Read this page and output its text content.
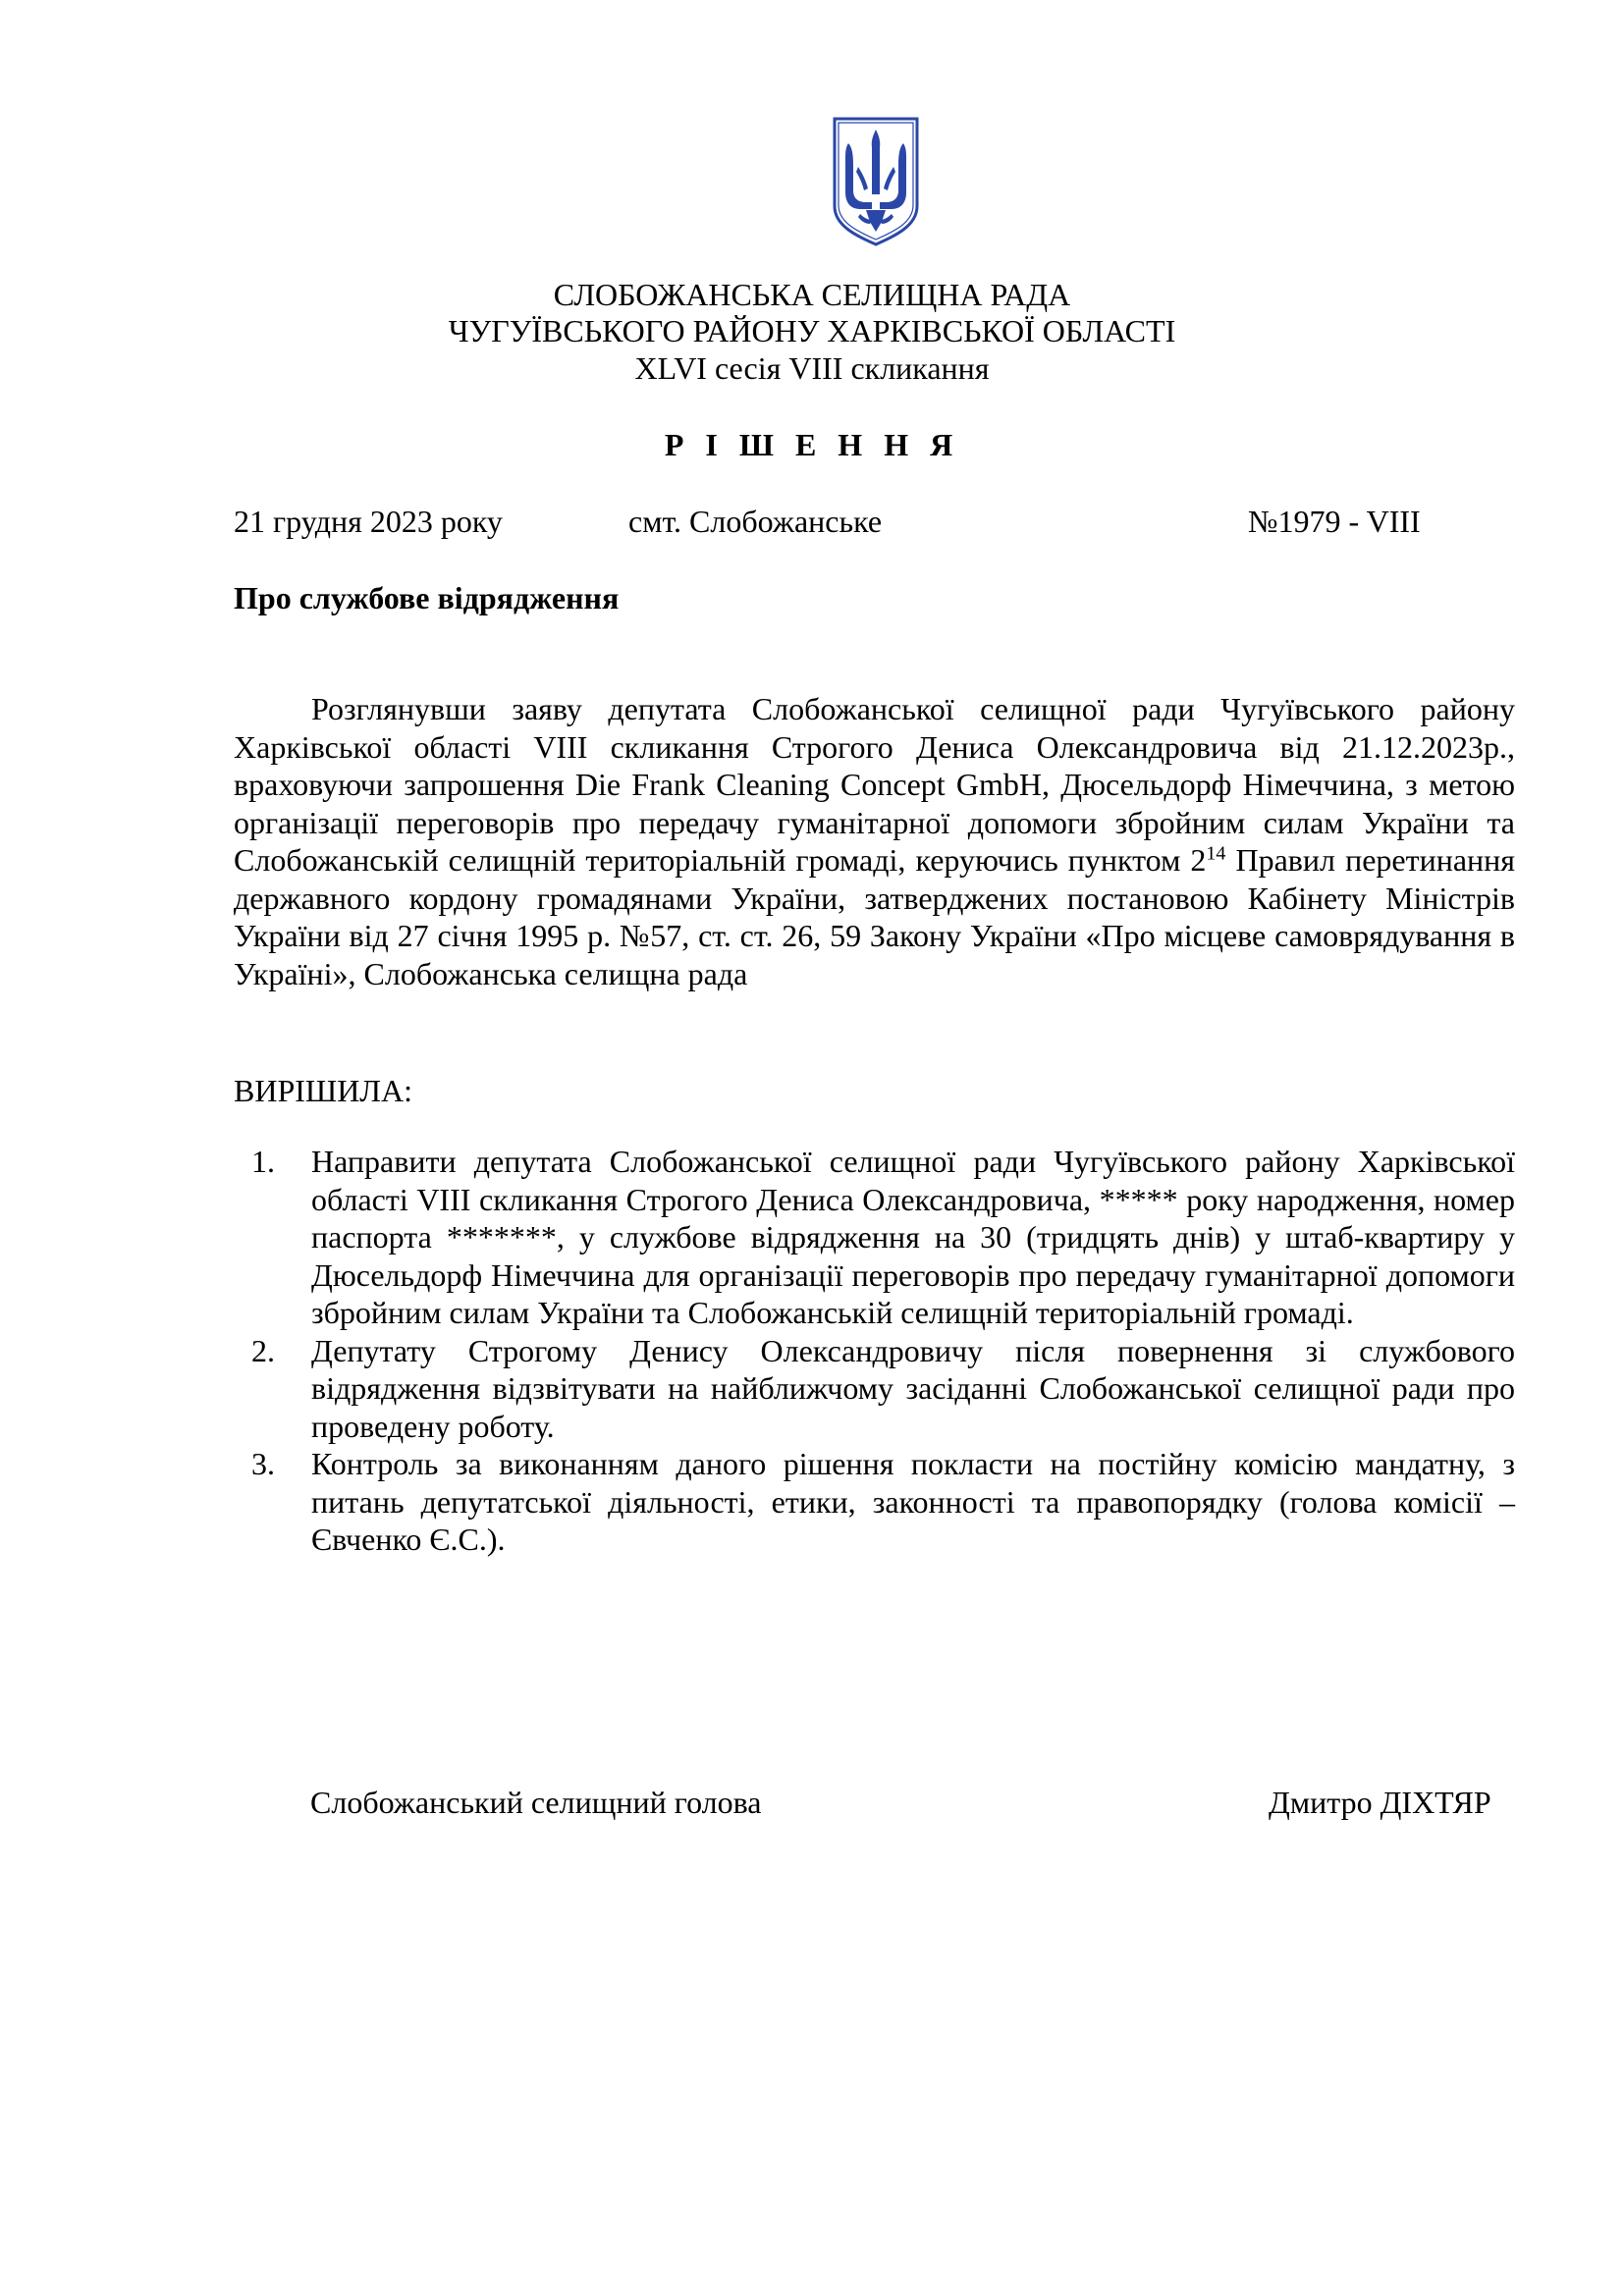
СЛОБОЖАНСЬКА СЕЛИЩНА РАДА
ЧУГУЇВСЬКОГО РАЙОНУ ХАРКІВСЬКОЇ ОБЛАСТІ
XLVI сесія VIII скликання
Р І Ш Е Н Н Я
21 грудня 2023 року	смт. Слобожанське	№1979 - VIII
Про службове відрядження

Розглянувши заяву депутата Слобожанської селищної ради Чугуївського району Харківської області VIII скликання Строгого Дениса Олександровича від 21.12.2023р., враховуючи запрошення Die Frank Cleaning Concept GmbH, Дюсельдорф Німеччина, з метою організації переговорів про передачу гуманітарної допомоги збройним силам України та Слобожанській селищній територіальній громаді, керуючись пунктом $2^{14}$ Правил перетинання державного кордону громадянами України, затверджених постановою Кабінету Міністрів України від 27 січня 1995 р. №57, ст. ст. 26, 59 Закону України «Про місцеве самоврядування в Україні», Слобожанська селищна рада

ВИРІШИЛА:
1.	Направити депутата Слобожанської селищної ради Чугуївського району Харківської області VIII скликання Строгого Дениса Олександровича, ***** року народження, номер паспорта *******, у службове відрядження на 30 (тридцять днів) у штаб-квартиру у Дюсельдорф Німеччина для організації переговорів про передачу гуманітарної допомоги збройним силам України та Слобожанській селищній територіальній громаді.
2.	Депутату Строгому Денису Олександровичу після повернення зі службового відрядження відзвітувати на найближчому засіданні Слобожанської селищної ради про проведену роботу.
3.	Контроль за виконанням даного рішення покласти на постійну комісію мандатну, з питань депутатської діяльності, етики, законності та правопорядку (голова комісії – Євченко Є.С.).
Слобожанський селищний голова	Дмитро ДІХТЯР
